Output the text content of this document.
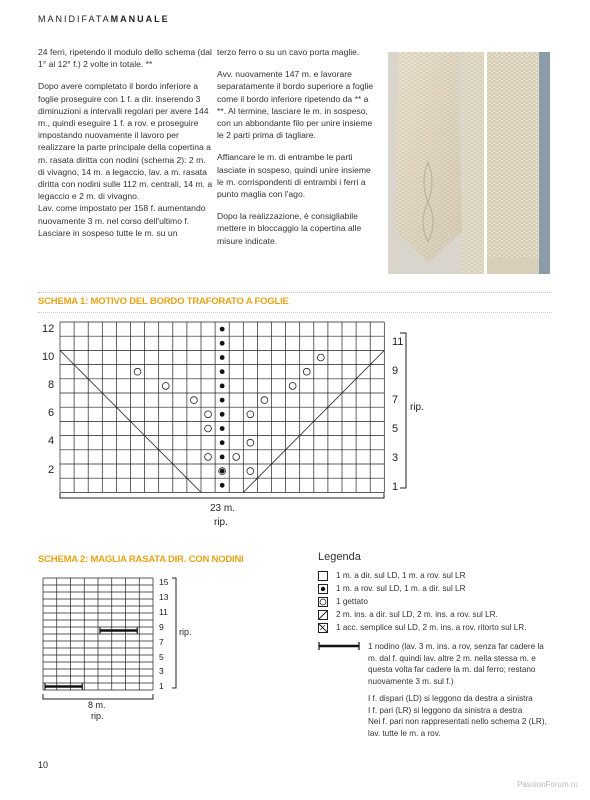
MANIDIFATAMANUALE

24 ferri, ripetendo il modulo dello schema (dal 1° al 12° f.) 2 volte in totale. **

Dopo avere completato il bordo inferiore a foglie proseguire con 1 f. a dir. inserendo 3 diminuzioni a intervalli regolari per avere 144 m., quindi eseguire 1 f. a rov. e proseguire impostando nuovamente il lavoro per realizzare la parte principale della copertina a m. rasata diritta con nodini (schema 2): 2 m. di vivagno, 14 m. a legaccio, lav. a m. rasata diritta con nodini sulle 112 m. centrali, 14 m. a legaccio e 2 m. di vivagno.

Lav. come impostato per 158 f. aumentando nuovamente 3 m. nel corso dell'ultimo f. Lasciare in sospeso tutte le m. su un

terzo ferro o su un cavo porta maglie.

Avv. nuovamente 147 m. e lavorare separatamente il bordo superiore a foglie come il bordo inferiore ripetendo da ** a **. Al termine, lasciare le m. in sospeso, con un abbondante filo per unire insieme le 2 parti prima di tagliare.

Affiancare le m. di entrambe le parti lasciate in sospeso, quindi unire insieme le m. corrispondenti di entrambi i ferri a punto maglia con l'ago.

Dopo la realizzazione, è consigliabile mettere in bloccaggio la copertina alle misure indicate.

SCHEMA 1: MOTIVO DEL BORDO TRAFORATO A FOGLIE
12
10
8
6
4
2
11
9
7
5
3
1
rip.
23 m.
rip.
SCHEMA 2: MAGLIA RASATA DIR. CON NODINI
15
13
11
9
7
5
3
1
rip.
8 m.
rip.
Legenda
1 m. a dir. sul LD, 1 m. a rov. sul LR
1 m. a rov. sul LD, 1 m. a dir. sul LR
1 gettato
2 m. ins. a dir. sul LD, 2 m. ins. a rov. sul LR.
1 acc. semplice sul LD, 2 m. ins. a rov. ritorto sul LR.
1 nodino (lav. 3 m. ins. a rov, senza far cadere la m. dal f. quindi lav. altre 2 m. nella stessa m. e questa volta far cadere la m. dal ferro; restano nuovamente 3 m. sul f.)
I f. dispari (LD) si leggono da destra a sinistra
I f. pari (LR) si leggono da sinistra a destra
Nei f. pari non rappresentati nello schema 2 (LR), lav. tutte le m. a rov.
10
PassionForum.ru
